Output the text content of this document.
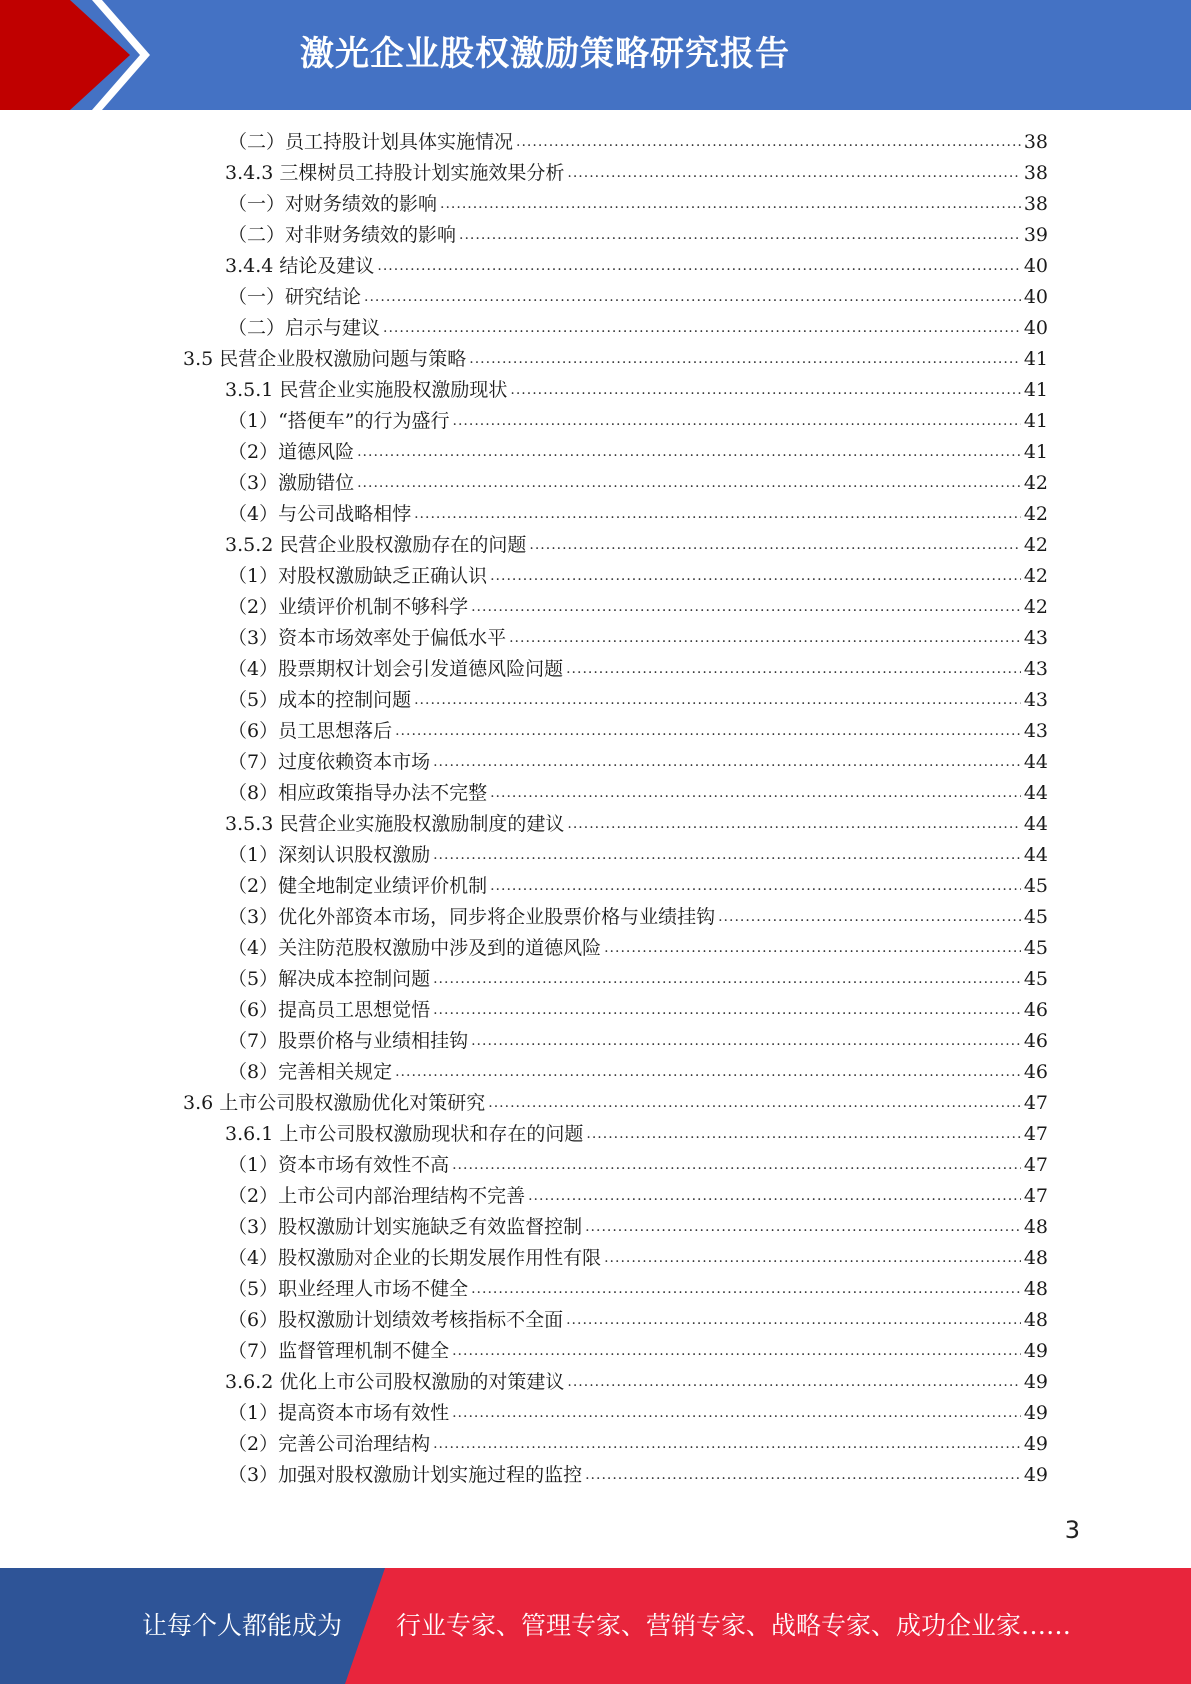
激光企业股权激励策略研究报告
（二）员工持股计划具体实施情况 .....	38
3.4.3 三棵树员工持股计划实施效果分析 .....	38
（一）对财务绩效的影响 .....	38
（二）对非财务绩效的影响 .....	39
3.4.4 结论及建议 .....	40
（一）研究结论 .....	40
（二）启示与建议 .....	40
3.5 民营企业股权激励问题与策略 .....	41
3.5.1 民营企业实施股权激励现状 .....	41
（1）“搭便车”的行为盛行 .....	41
（2）道德风险 .....	41
（3）激励错位 .....	42
（4）与公司战略相悖 .....	42
3.5.2 民营企业股权激励存在的问题 .....	42
（1）对股权激励缺乏正确认识 .....	42
（2）业绩评价机制不够科学 .....	42
（3）资本市场效率处于偏低水平 .....	43
（4）股票期权计划会引发道德风险问题 .....	43
（5）成本的控制问题 .....	43
（6）员工思想落后 .....	43
（7）过度依赖资本市场 .....	44
（8）相应政策指导办法不完整 .....	44
3.5.3 民营企业实施股权激励制度的建议 .....	44
（1）深刻认识股权激励 .....	44
（2）健全地制定业绩评价机制 .....	45
（3）优化外部资本市场，同步将企业股票价格与业绩挂钩 .....	45
（4）关注防范股权激励中涉及到的道德风险 .....	45
（5）解决成本控制问题 .....	45
（6）提高员工思想觉悟 .....	46
（7）股票价格与业绩相挂钩 .....	46
（8）完善相关规定 .....	46
3.6 上市公司股权激励优化对策研究 .....	47
3.6.1 上市公司股权激励现状和存在的问题 .....	47
（1）资本市场有效性不高 .....	47
（2）上市公司内部治理结构不完善 .....	47
（3）股权激励计划实施缺乏有效监督控制 .....	48
（4）股权激励对企业的长期发展作用性有限 .....	48
（5）职业经理人市场不健全 .....	48
（6）股权激励计划绩效考核指标不全面 .....	48
（7）监督管理机制不健全 .....	49
3.6.2 优化上市公司股权激励的对策建议 .....	49
（1）提高资本市场有效性 .....	49
（2）完善公司治理结构 .....	49
（3）加强对股权激励计划实施过程的监控 .....	49
3
让每个人都能成为 行业专家、管理专家、营销专家、战略专家、成功企业家……
